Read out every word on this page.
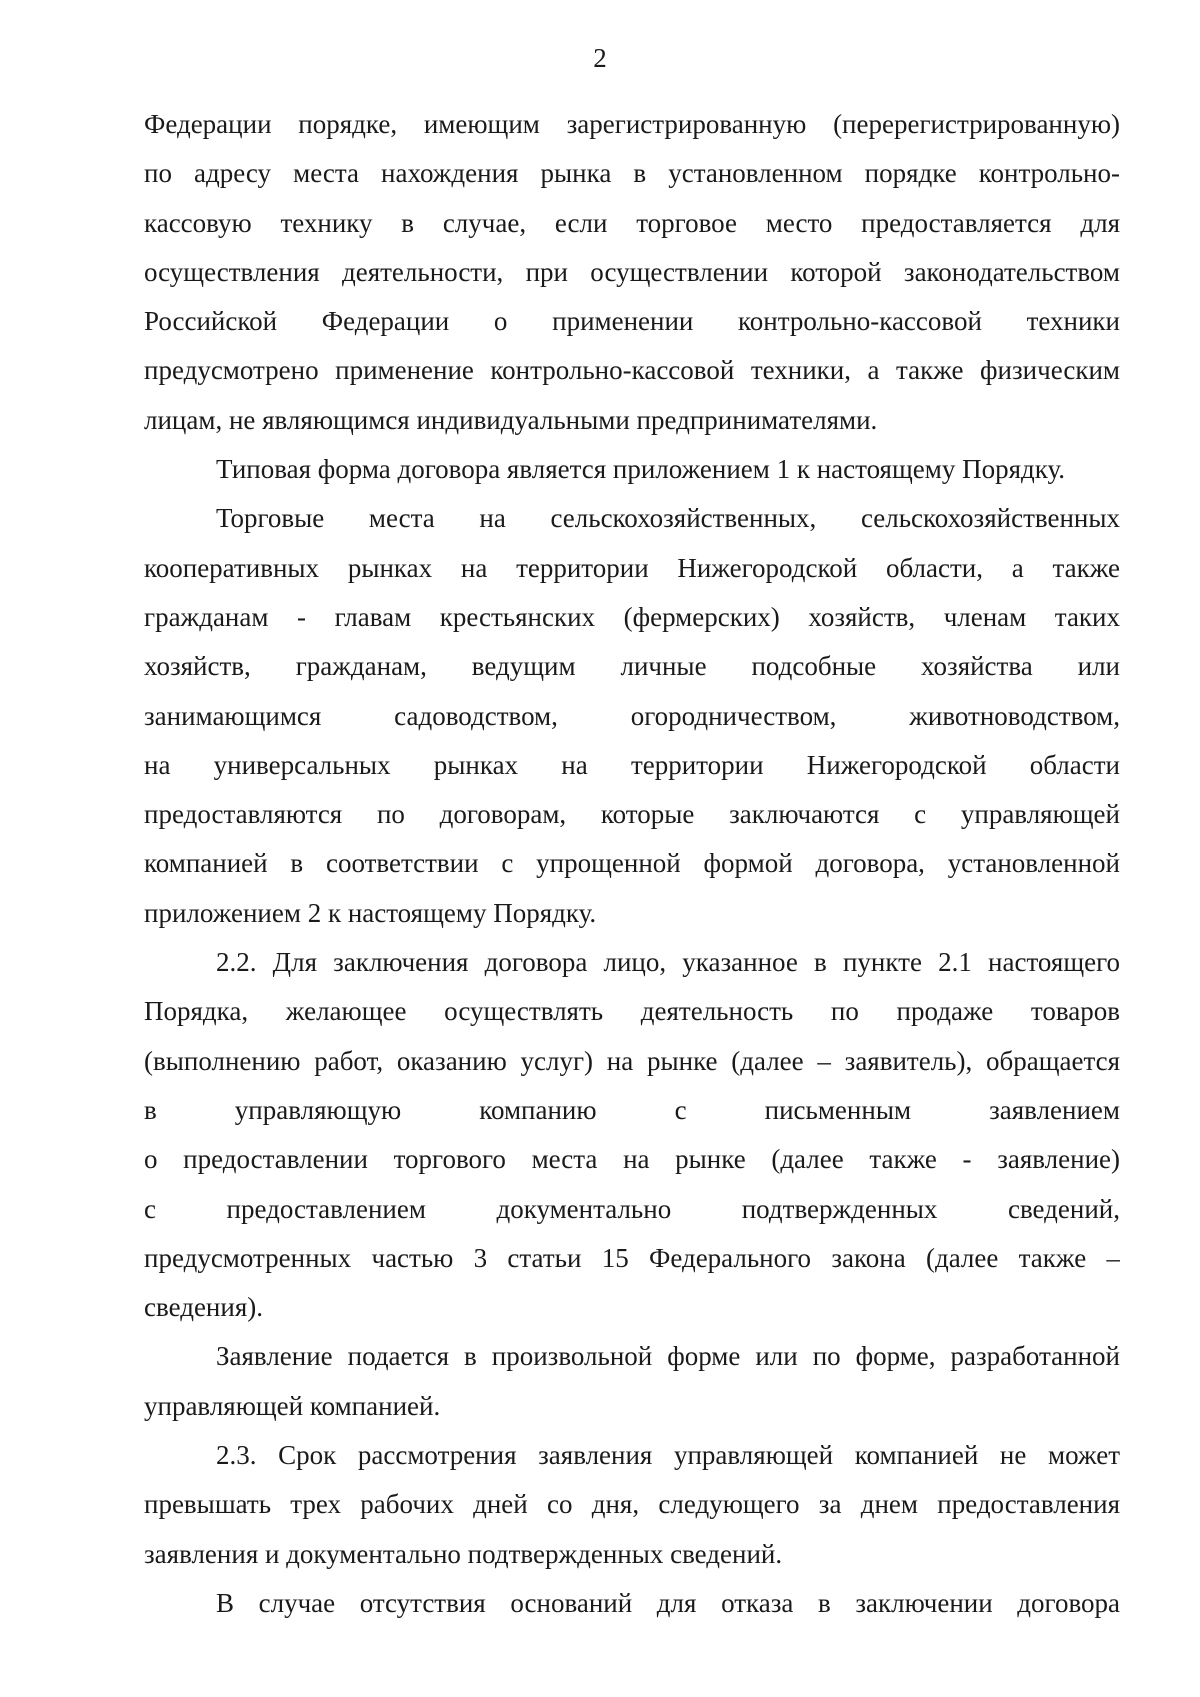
2
Федерации порядке, имеющим зарегистрированную (перерегистрированную)
по адресу места нахождения рынка в установленном порядке контрольно-
кассовую технику в случае, если торговое место предоставляется для
осуществления деятельности, при осуществлении которой законодательством
Российской Федерации о применении контрольно-кассовой техники
предусмотрено применение контрольно-кассовой техники, а также физическим
лицам, не являющимся индивидуальными предпринимателями.
Типовая форма договора является приложением 1 к настоящему Порядку.
Торговые места на сельскохозяйственных, сельскохозяйственных
кооперативных рынках на территории Нижегородской области, а также
гражданам - главам крестьянских (фермерских) хозяйств, членам таких
хозяйств, гражданам, ведущим личные подсобные хозяйства или
занимающимся садоводством, огородничеством, животноводством,
на универсальных рынках на территории Нижегородской области
предоставляются по договорам, которые заключаются с управляющей
компанией в соответствии с упрощенной формой договора, установленной
приложением 2 к настоящему Порядку.
2.2. Для заключения договора лицо, указанное в пункте 2.1 настоящего
Порядка, желающее осуществлять деятельность по продаже товаров
(выполнению работ, оказанию услуг) на рынке (далее – заявитель), обращается
в управляющую компанию с письменным заявлением
о предоставлении торгового места на рынке (далее также - заявление)
с предоставлением документально подтвержденных сведений,
предусмотренных частью 3 статьи 15 Федерального закона (далее также –
сведения).
Заявление подается в произвольной форме или по форме, разработанной
управляющей компанией.
2.3. Срок рассмотрения заявления управляющей компанией не может
превышать трех рабочих дней со дня, следующего за днем предоставления
заявления и документально подтвержденных сведений.
В случае отсутствия оснований для отказа в заключении договора
